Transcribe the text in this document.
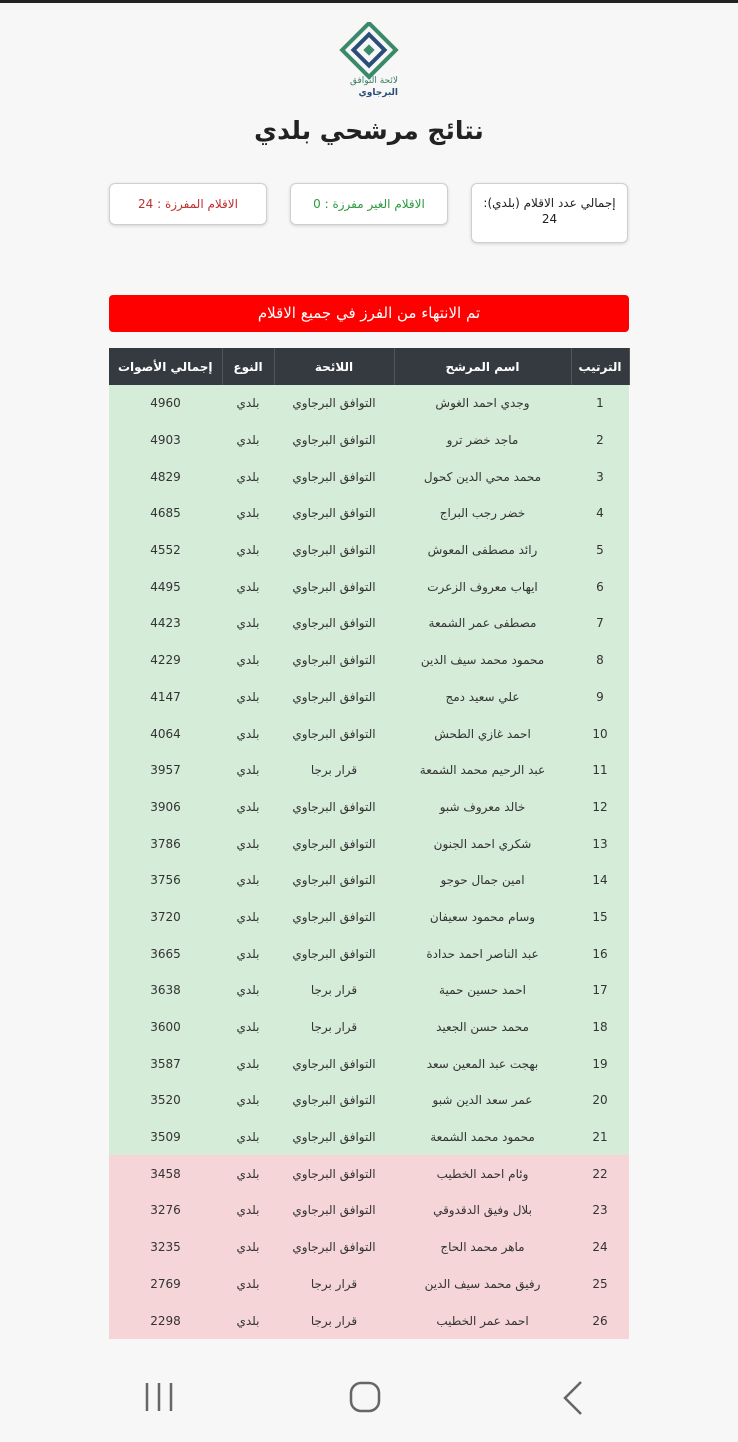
لائحة التوافق
البرجاوي
نتائج مرشحي بلدي
إجمالي عدد الاقلام (بلدي):
24
الاقلام الغير مفرزة : 0
الاقلام المفرزة : 24
تم الانتهاء من الفرز في جميع الاقلام
الترتيب	اسم المرشح	اللائحة	النوع	إجمالي الأصوات
1	وجدي احمد الغوش	التوافق البرجاوي	بلدي	4960
2	ماجد خضر ترو	التوافق البرجاوي	بلدي	4903
3	محمد محي الدين كحول	التوافق البرجاوي	بلدي	4829
4	خضر رجب البراج	التوافق البرجاوي	بلدي	4685
5	رائد مصطفى المعوش	التوافق البرجاوي	بلدي	4552
6	ايهاب معروف الزعرت	التوافق البرجاوي	بلدي	4495
7	مصطفى عمر الشمعة	التوافق البرجاوي	بلدي	4423
8	محمود محمد سيف الدين	التوافق البرجاوي	بلدي	4229
9	علي سعيد دمج	التوافق البرجاوي	بلدي	4147
10	احمد غازي الطحش	التوافق البرجاوي	بلدي	4064
11	عبد الرحيم محمد الشمعة	قرار برجا	بلدي	3957
12	خالد معروف شبو	التوافق البرجاوي	بلدي	3906
13	شكري احمد الجنون	التوافق البرجاوي	بلدي	3786
14	امين جمال حوجو	التوافق البرجاوي	بلدي	3756
15	وسام محمود سعيفان	التوافق البرجاوي	بلدي	3720
16	عبد الناصر احمد حدادة	التوافق البرجاوي	بلدي	3665
17	احمد حسين حمية	قرار برجا	بلدي	3638
18	محمد حسن الجعيد	قرار برجا	بلدي	3600
19	بهجت عبد المعين سعد	التوافق البرجاوي	بلدي	3587
20	عمر سعد الدين شبو	التوافق البرجاوي	بلدي	3520
21	محمود محمد الشمعة	التوافق البرجاوي	بلدي	3509
22	وئام احمد الخطيب	التوافق البرجاوي	بلدي	3458
23	بلال وفيق الدقدوقي	التوافق البرجاوي	بلدي	3276
24	ماهر محمد الحاج	التوافق البرجاوي	بلدي	3235
25	رفيق محمد سيف الدين	قرار برجا	بلدي	2769
26	احمد عمر الخطيب	قرار برجا	بلدي	2298
